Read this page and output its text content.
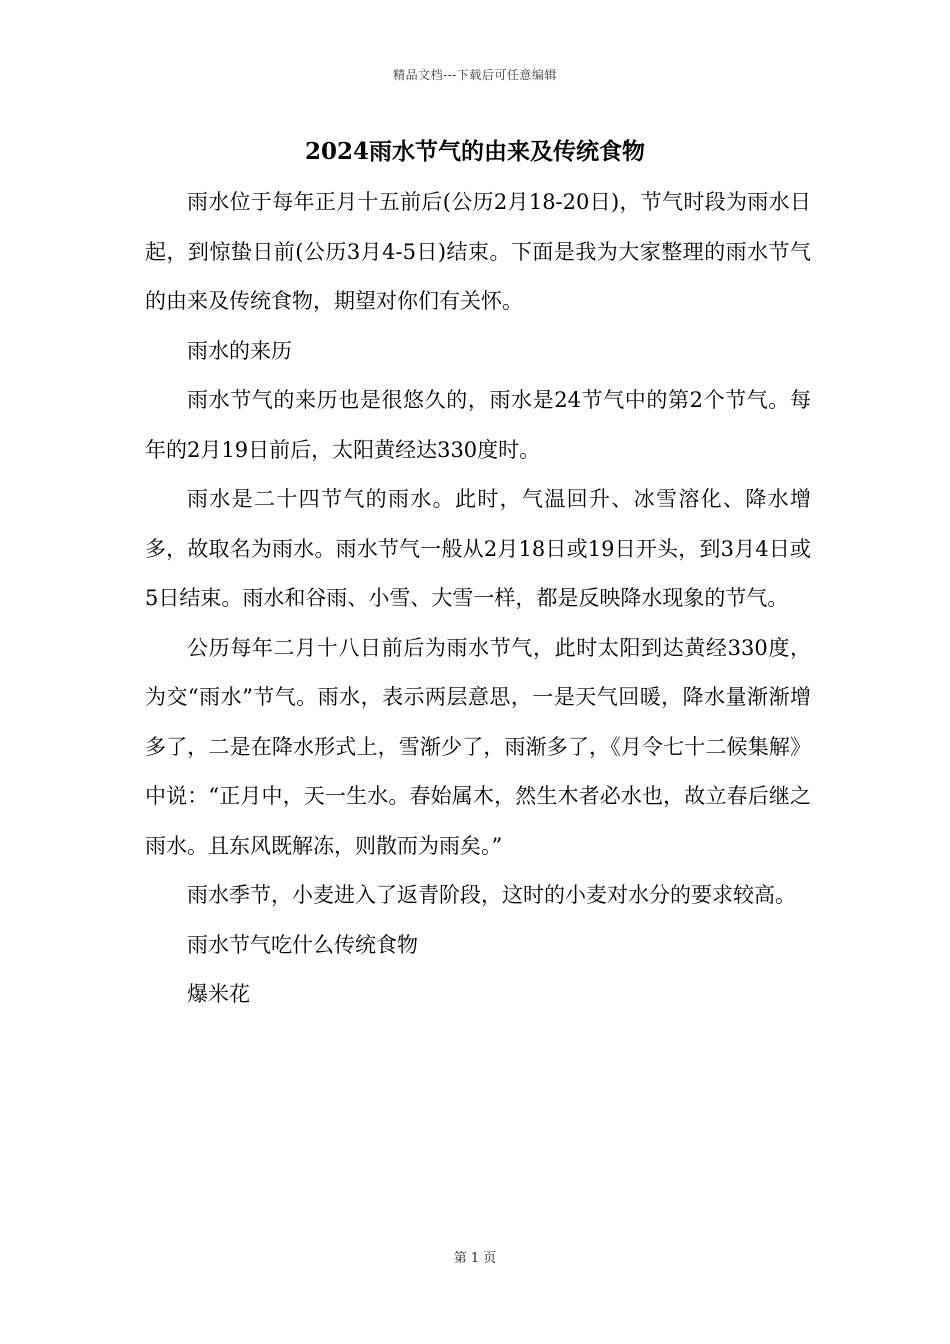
精品文档---下载后可任意编辑
2024雨水节气的由来及传统食物

雨水位于每年正月十五前后(公历2月18-20日)，节气时段为雨水日起，到惊蛰日前(公历3月4-5日)结束。下面是我为大家整理的雨水节气的由来及传统食物，期望对你们有关怀。

雨水的来历

雨水节气的来历也是很悠久的，雨水是24节气中的第2个节气。每年的2月19日前后，太阳黄经达330度时。

雨水是二十四节气的雨水。此时，气温回升、冰雪溶化、降水增多，故取名为雨水。雨水节气一般从2月18日或19日开头，到3月4日或5日结束。雨水和谷雨、小雪、大雪一样，都是反映降水现象的节气。

公历每年二月十八日前后为雨水节气，此时太阳到达黄经330度，为交“雨水”节气。雨水，表示两层意思，一是天气回暖，降水量渐渐增多了，二是在降水形式上，雪渐少了，雨渐多了，《月令七十二候集解》中说：“正月中，天一生水。春始属木，然生木者必水也，故立春后继之雨水。且东风既解冻，则散而为雨矣。”

雨水季节，小麦进入了返青阶段，这时的小麦对水分的要求较高。

雨水节气吃什么传统食物

爆米花

第 1 页
